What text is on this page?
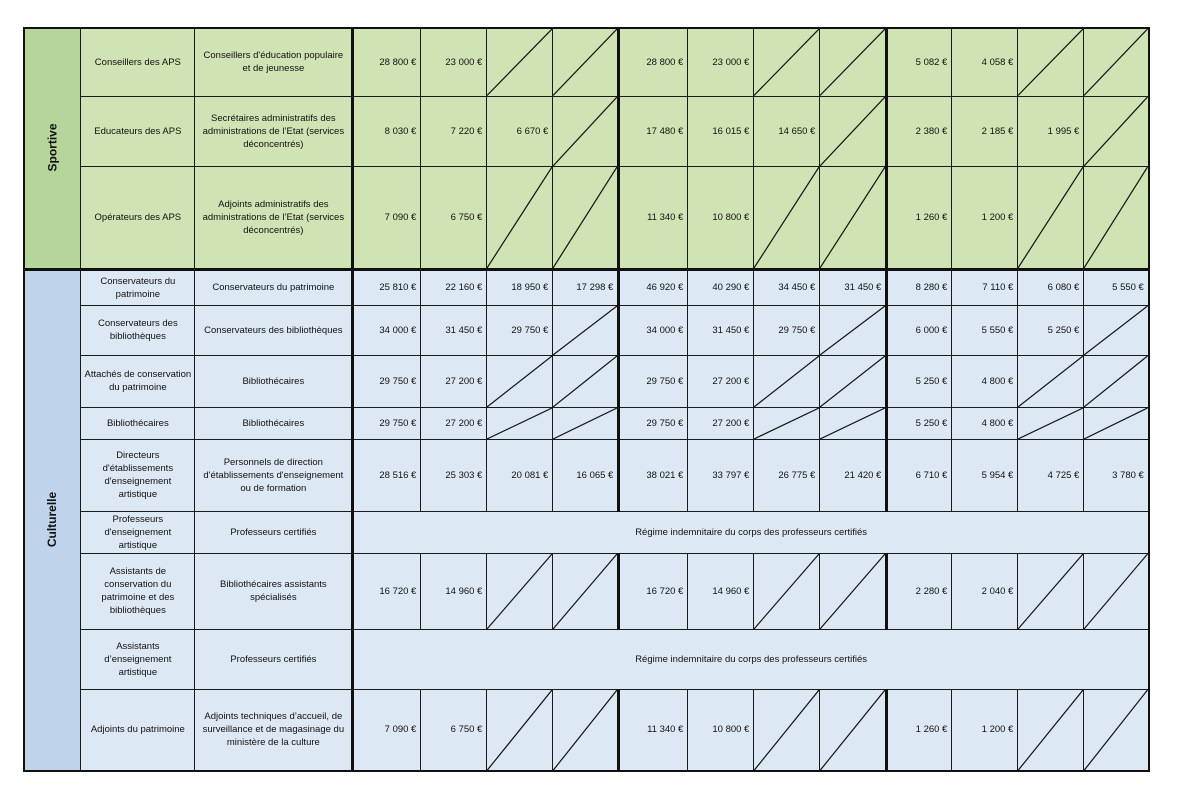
Sportive	Conseillers des APS	Conseillers d'éducation populaire et de jeunesse	28 800 €	23 000 €			28 800 €	23 000 €			5 082 €	4 058 €	

	Educateurs des APS	Secrétaires administratifs des administrations de l’Etat (services déconcentrés)	8 030 €	7 220 €	6 670 €		17 480 €	16 015 €	14 650 €		2 380 €	2 185 €	1 995 €	

	Opérateurs des APS	Adjoints administratifs des administrations de l’Etat (services déconcentrés)	7 090 €	6 750 €			11 340 €	10 800 €			1 260 €	1 200 €	

Culturelle	Conservateurs du patrimoine	Conservateurs du patrimoine	25 810 €	22 160 €	18 950 €	17 298 €	46 920 €	40 290 €	34 450 €	31 450 €	8 280 €	7 110 €	6 080 €	5 550 €
	Conservateurs des bibliothèques	Conservateurs des bibliothèques	34 000 €	31 450 €	29 750 €		34 000 €	31 450 €	29 750 €		6 000 €	5 550 €	5 250 €	

	Attachés de conservation du patrimoine	Bibliothécaires	29 750 €	27 200 €			29 750 €	27 200 €			5 250 €	4 800 €	

	Bibliothécaires	Bibliothécaires	29 750 €	27 200 €			29 750 €	27 200 €			5 250 €	4 800 €	

	Directeurs d'établissements d'enseignement artistique	Personnels de direction d'établissements d'enseignement ou de formation	28 516 €	25 303 €	20 081 €	16 065 €	38 021 €	33 797 €	26 775 €	21 420 €	6 710 €	5 954 €	4 725 €	3 780 €
	Professeurs d'enseignement artistique	Professeurs certifiés	Régime indemnitaire du corps des professeurs certifiés											
	Assistants de conservation du patrimoine et des bibliothèques	Bibliothécaires assistants spécialisés	16 720 €	14 960 €			16 720 €	14 960 €			2 280 €	2 040 €	

	Assistants d’enseignement artistique	Professeurs certifiés	Régime indemnitaire du corps des professeurs certifiés											
	Adjoints du patrimoine	Adjoints techniques d’accueil, de surveillance et de magasinage du ministère de la culture	7 090 €	6 750 €			11 340 €	10 800 €			1 260 €	1 200 €	
